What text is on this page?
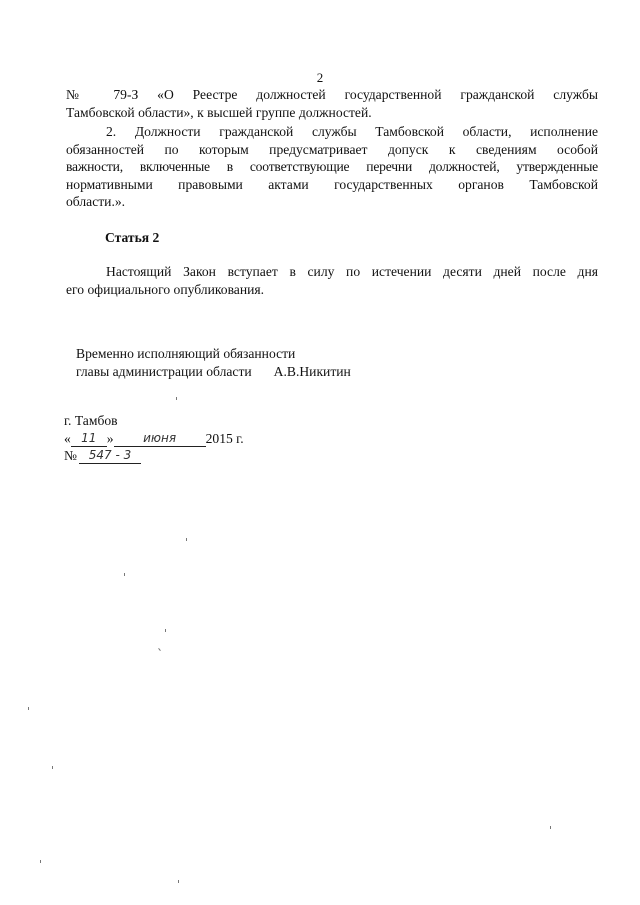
2
№ 79-З «О Реестре должностей государственной гражданской службы
Тамбовской области», к высшей группе должностей.
2. Должности гражданской службы Тамбовской области, исполнение
обязанностей по которым предусматривает допуск к сведениям особой
важности, включенные в соответствующие перечни должностей, утвержденные
нормативными правовыми актами государственных органов Тамбовской
области.».
Статья 2
Настоящий Закон вступает в силу по истечении десяти дней после дня
его официального опубликования.
Временно исполняющий обязанности
главы администрации области А.В.Никитин
г. Тамбов
« 11 » июня 2015 г.
№ 547 - 3
